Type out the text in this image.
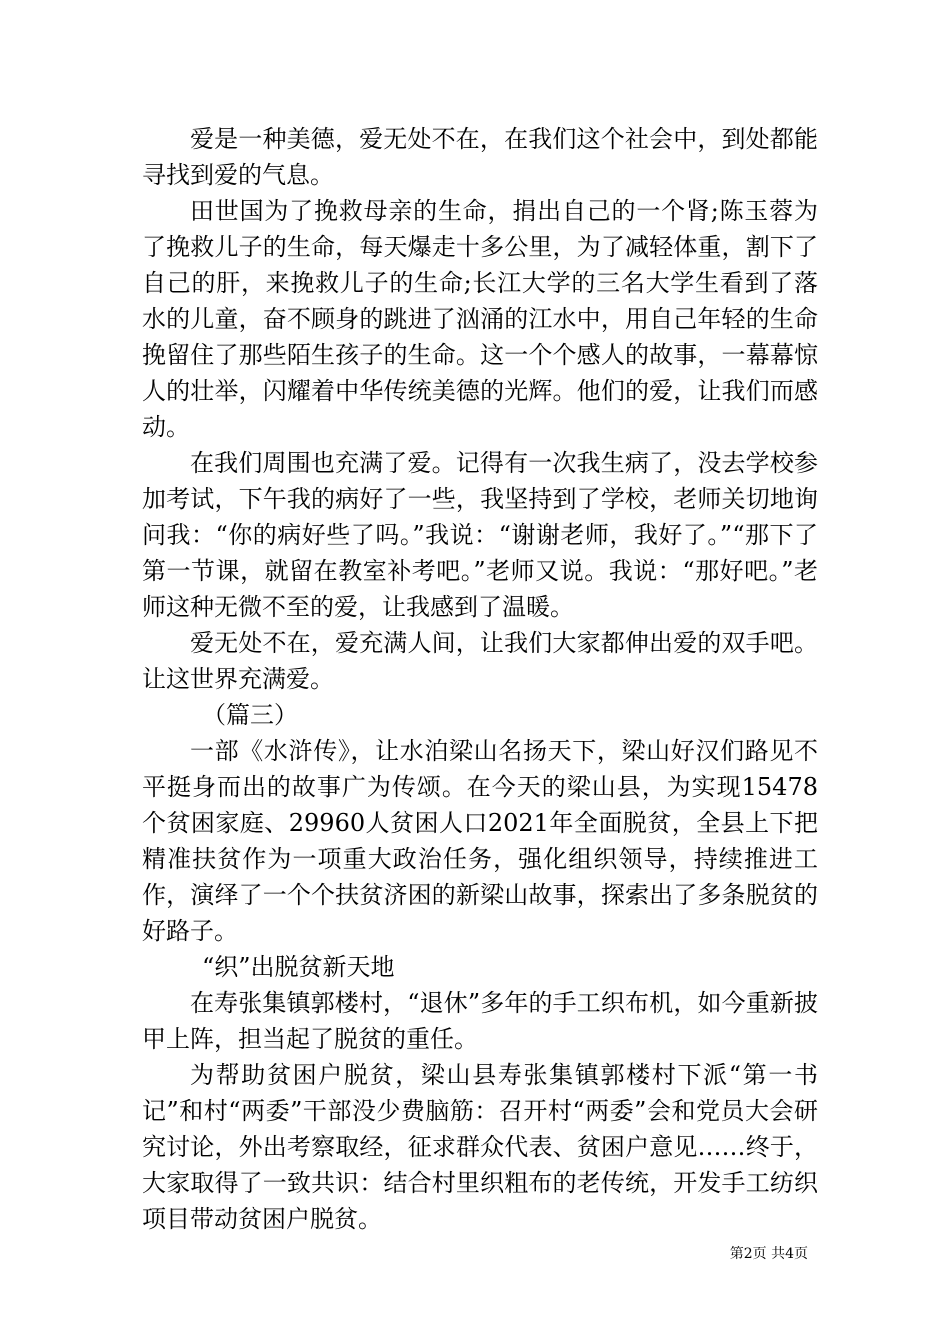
爱是一种美德，爱无处不在，在我们这个社会中，到处都能寻找到爱的气息。

田世国为了挽救母亲的生命，捐出自己的一个肾;陈玉蓉为了挽救儿子的生命，每天爆走十多公里，为了减轻体重，割下了自己的肝，来挽救儿子的生命;长江大学的三名大学生看到了落水的儿童，奋不顾身的跳进了汹涌的江水中，用自己年轻的生命挽留住了那些陌生孩子的生命。这一个个感人的故事，一幕幕惊人的壮举，闪耀着中华传统美德的光辉。他们的爱，让我们而感动。

在我们周围也充满了爱。记得有一次我生病了，没去学校参加考试，下午我的病好了一些，我坚持到了学校，老师关切地询问我：“你的病好些了吗。”我说：“谢谢老师，我好了。”“那下了第一节课，就留在教室补考吧。”老师又说。我说：“那好吧。”老师这种无微不至的爱，让我感到了温暖。

爱无处不在，爱充满人间，让我们大家都伸出爱的双手吧。让这世界充满爱。

（篇三）

一部《水浒传》，让水泊梁山名扬天下，梁山好汉们路见不平挺身而出的故事广为传颂。在今天的梁山县，为实现15478个贫困家庭、29960人贫困人口2021年全面脱贫，全县上下把精准扶贫作为一项重大政治任务，强化组织领导，持续推进工作，演绎了一个个扶贫济困的新梁山故事，探索出了多条脱贫的好路子。

“织”出脱贫新天地

在寿张集镇郭楼村，“退休”多年的手工织布机，如今重新披甲上阵，担当起了脱贫的重任。

为帮助贫困户脱贫，梁山县寿张集镇郭楼村下派“第一书记”和村“两委”干部没少费脑筋：召开村“两委”会和党员大会研究讨论，外出考察取经，征求群众代表、贫困户意见……终于，大家取得了一致共识：结合村里织粗布的老传统，开发手工纺织项目带动贫困户脱贫。

第2页 共4页
